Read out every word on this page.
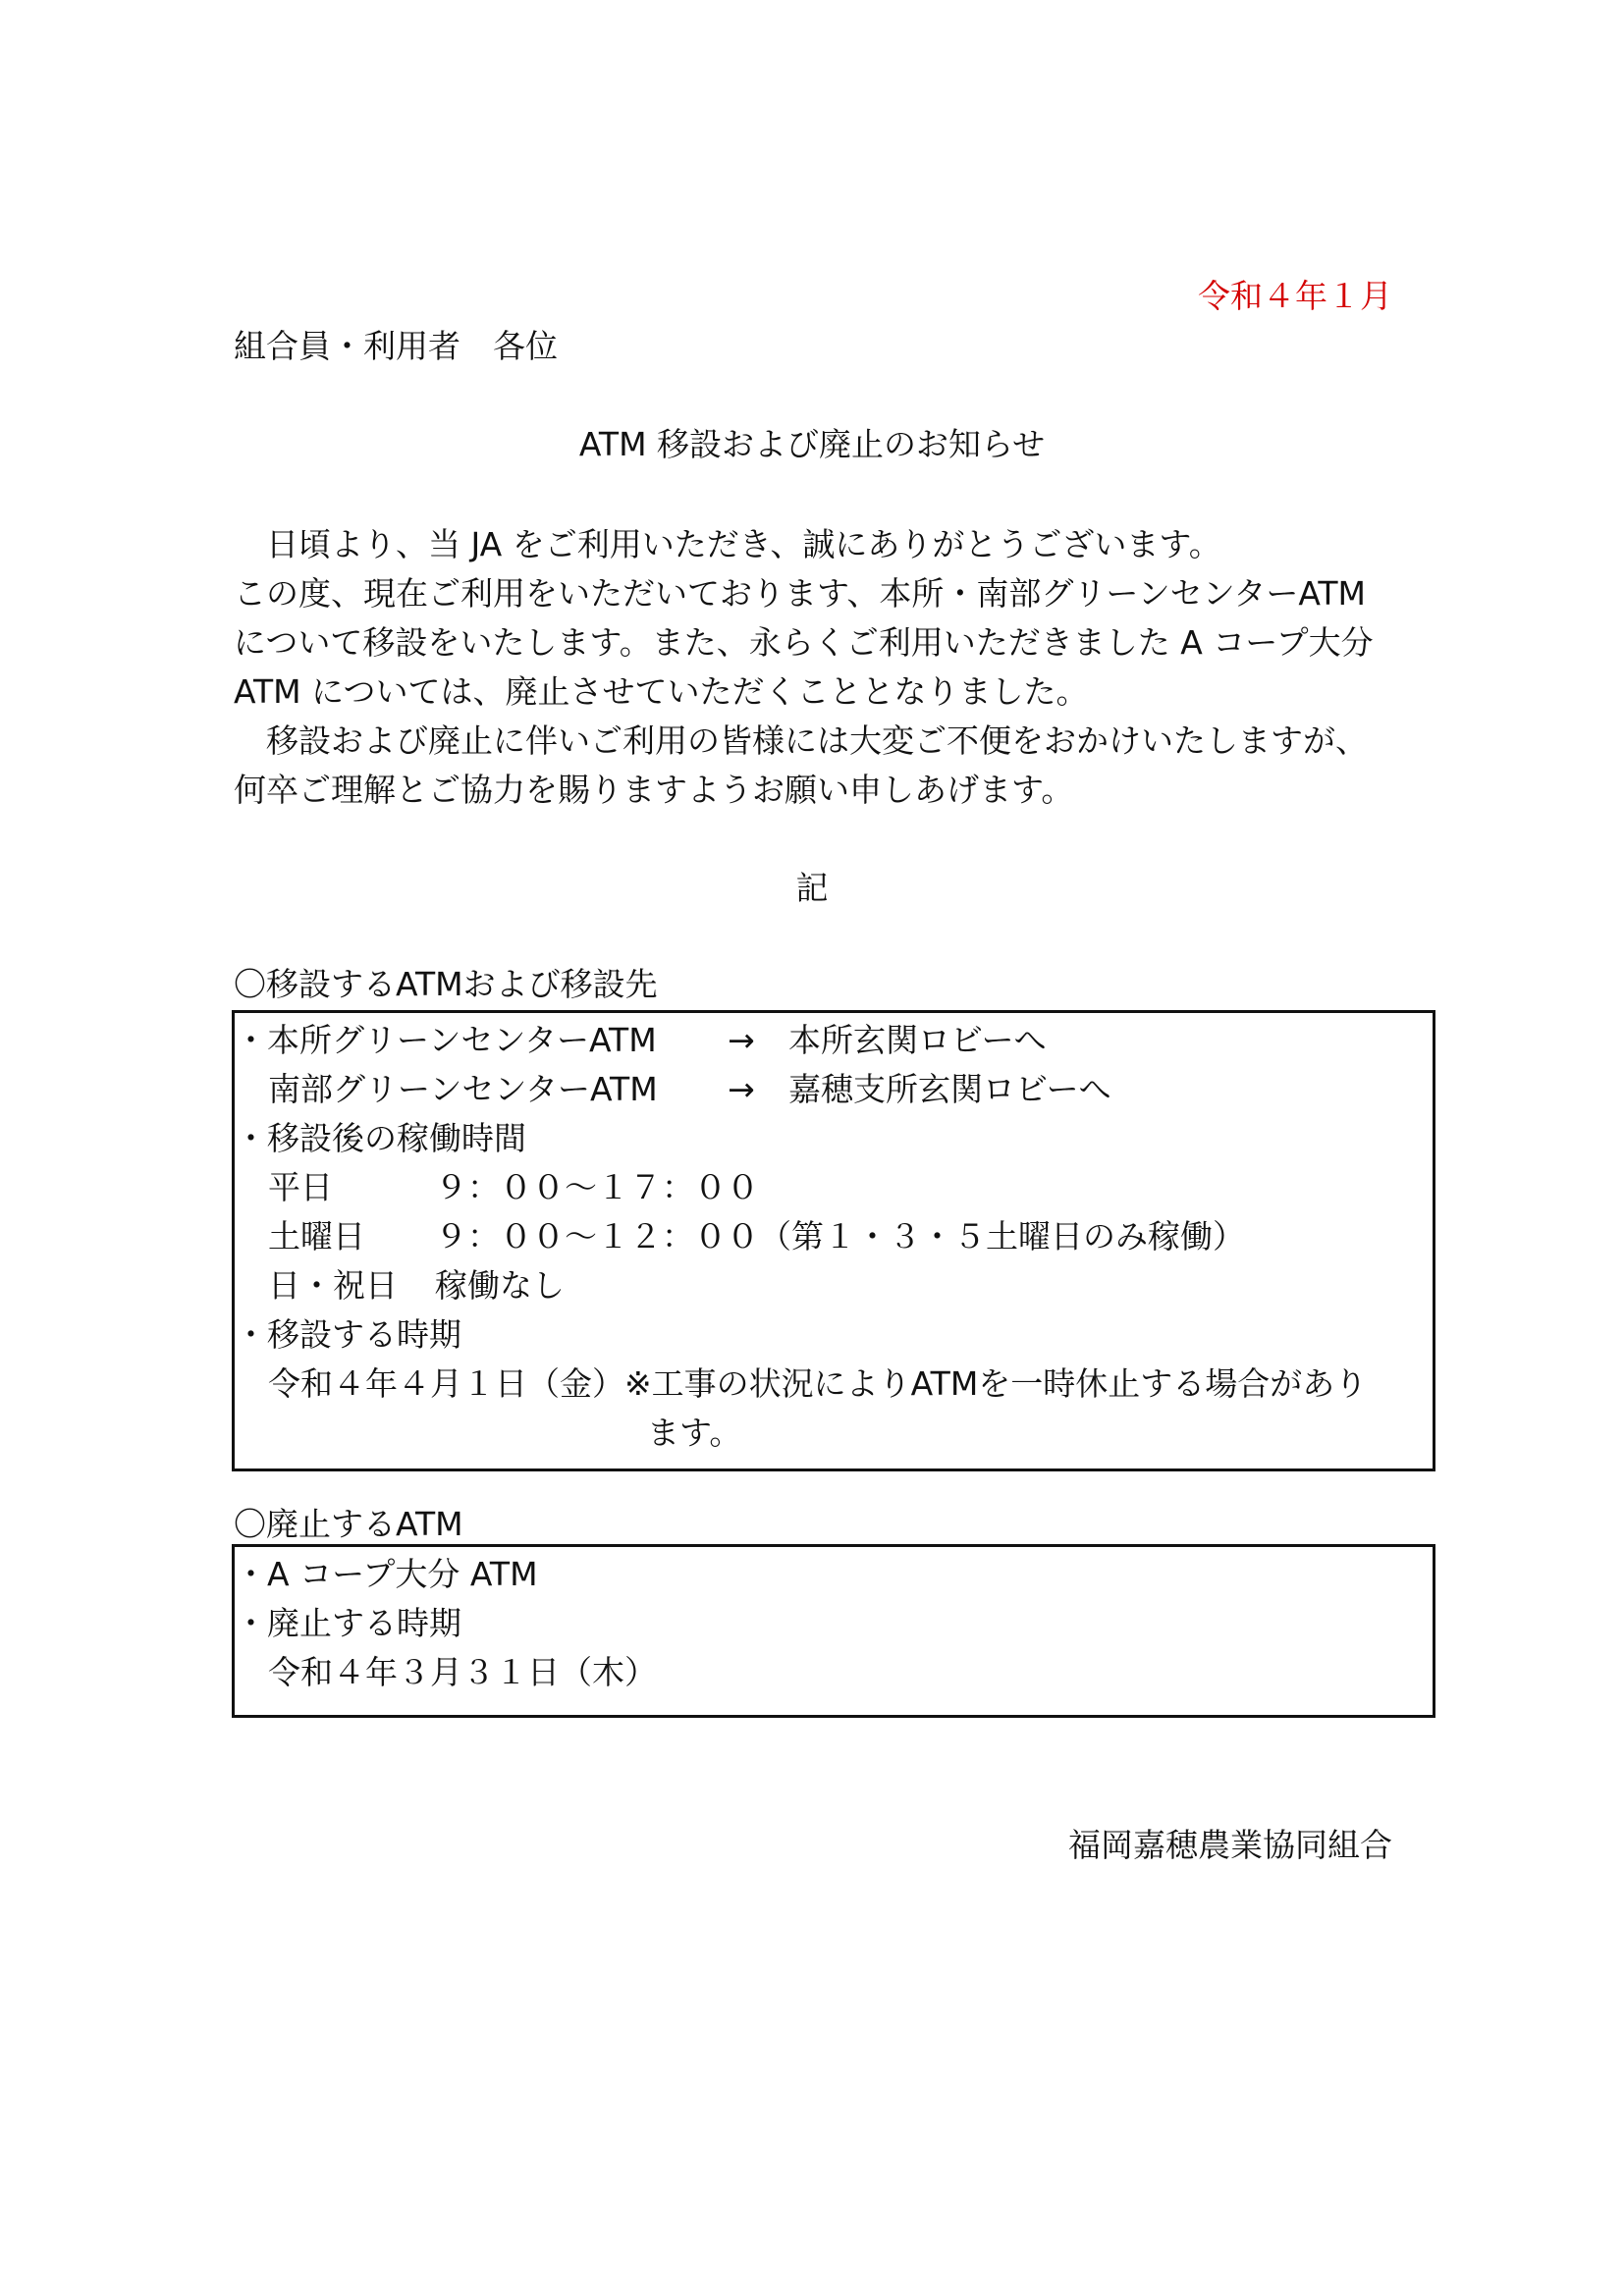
令和４年１月
組合員・利用者　各位
ATM 移設および廃止のお知らせ
　日頃より、当 JA をご利用いただき、誠にありがとうございます。
この度、現在ご利用をいただいております、本所・南部グリーンセンターATM
について移設をいたします。また、永らくご利用いただきました A コープ大分
ATM については、廃止させていただくこととなりました。
　移設および廃止に伴いご利用の皆様には大変ご不便をおかけいたしますが、
何卒ご理解とご協力を賜りますようお願い申しあげます。
記
〇移設するATMおよび移設先
・本所グリーンセンターATM → 本所玄関ロビーへ
南部グリーンセンターATM → 嘉穂支所玄関ロビーへ
・移設後の稼働時間
平日	９：００～１７：００
土曜日 ９：００～１２：００（第１・３・５土曜日のみ稼働）
日・祝日 稼働なし
・移設する時期
令和４年４月１日（金）※工事の状況によりATMを一時休止する場合があり
ます。
〇廃止するATM
・A コープ大分 ATM
・廃止する時期
令和４年３月３１日（木）
福岡嘉穂農業協同組合
